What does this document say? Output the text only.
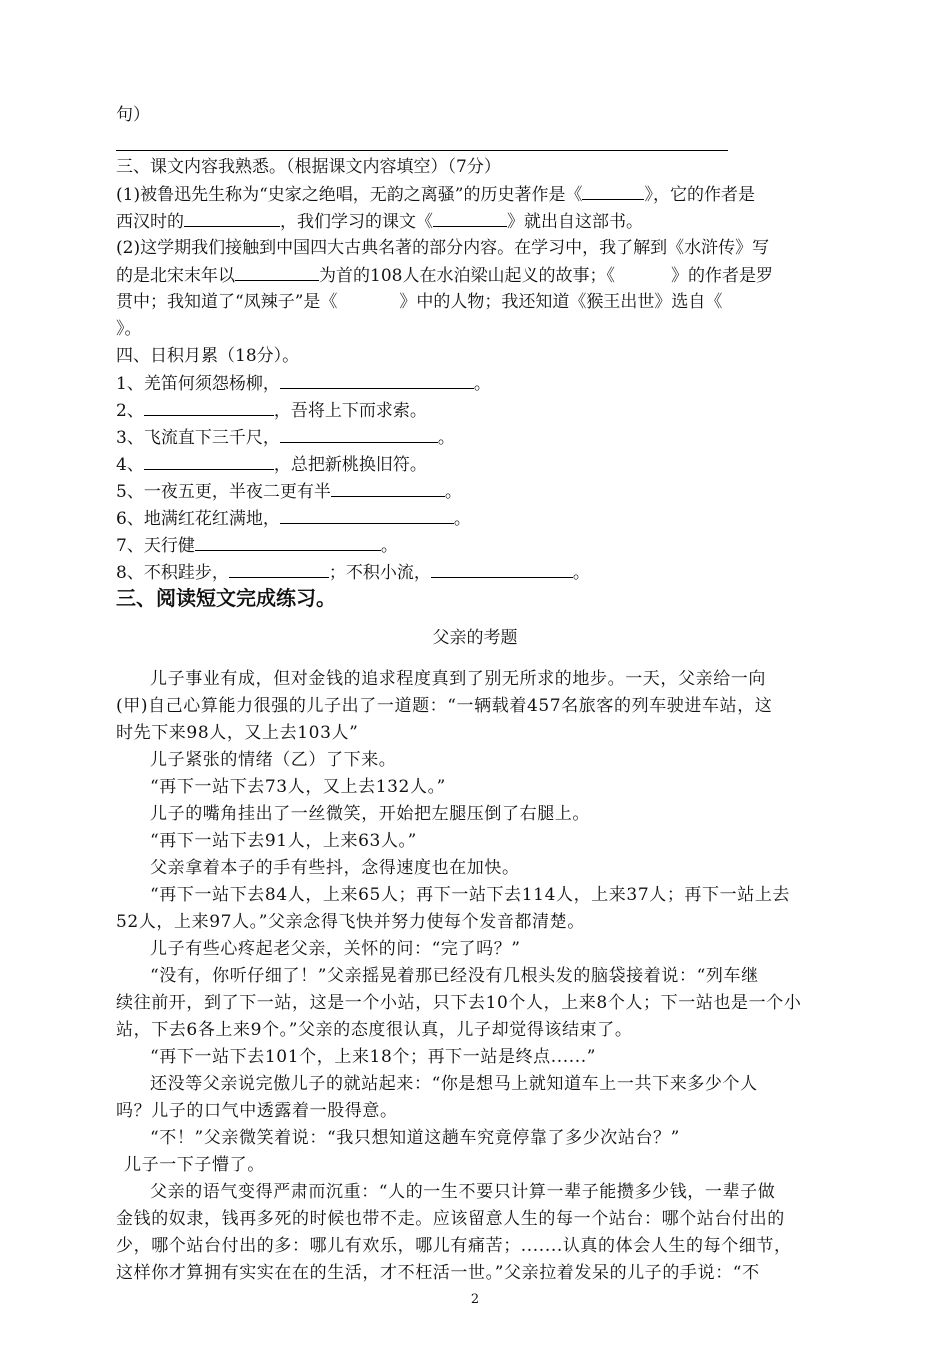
句）
三、课文内容我熟悉。（根据课文内容填空）（7分）
(1)被鲁迅先生称为“史家之绝唱，无韵之离骚”的历史著作是《	》，它的作者是
西汉时的	，我们学习的课文《	》就出自这部书。
(2)这学期我们接触到中国四大古典名著的部分内容。在学习中，我了解到《水浒传》写
的是北宋末年以	为首的108人在水泊梁山起义的故事；《	》的作者是罗
贯中；我知道了“凤辣子”是《	》中的人物；我还知道《猴王出世》选自《
》。
四、日积月累（18分）。
1、羌笛何须怨杨柳，	。
2、	，吾将上下而求索。
3、飞流直下三千尺，	。
4、	，总把新桃换旧符。
5、一夜五更，半夜二更有半	。
6、地满红花红满地，	。
7、天行健	。
8、不积跬步，	；不积小流，	。
三、阅读短文完成练习。
父亲的考题
儿子事业有成，但对金钱的追求程度真到了别无所求的地步。一天，父亲给一向
(甲)自己心算能力很强的儿子出了一道题：“一辆载着457名旅客的列车驶进车站，这
时先下来98人，又上去103人”
儿子紧张的情绪（乙）了下来。
“再下一站下去73人，又上去132人。”
儿子的嘴角挂出了一丝微笑，开始把左腿压倒了右腿上。
“再下一站下去91人，上来63人。”
父亲拿着本子的手有些抖，念得速度也在加快。
“再下一站下去84人，上来65人；再下一站下去114人，上来37人；再下一站上去
52人，上来97人。”父亲念得飞快并努力使每个发音都清楚。
儿子有些心疼起老父亲，关怀的问：“完了吗？”
“没有，你听仔细了！”父亲摇晃着那已经没有几根头发的脑袋接着说：“列车继
续往前开，到了下一站，这是一个小站，只下去10个人，上来8个人；下一站也是一个小
站，下去6各上来9个。”父亲的态度很认真，儿子却觉得该结束了。
“再下一站下去101个，上来18个；再下一站是终点......”
还没等父亲说完傲儿子的就站起来：“你是想马上就知道车上一共下来多少个人
吗？儿子的口气中透露着一股得意。
“不！”父亲微笑着说：“我只想知道这趟车究竟停靠了多少次站台？”
儿子一下子懵了。
父亲的语气变得严肃而沉重：“人的一生不要只计算一辈子能攒多少钱，一辈子做
金钱的奴隶，钱再多死的时候也带不走。应该留意人生的每一个站台：哪个站台付出的
少，哪个站台付出的多：哪儿有欢乐，哪儿有痛苦；.......认真的体会人生的每个细节，
这样你才算拥有实实在在的生活，才不枉活一世。”父亲拉着发呆的儿子的手说：“不
2
